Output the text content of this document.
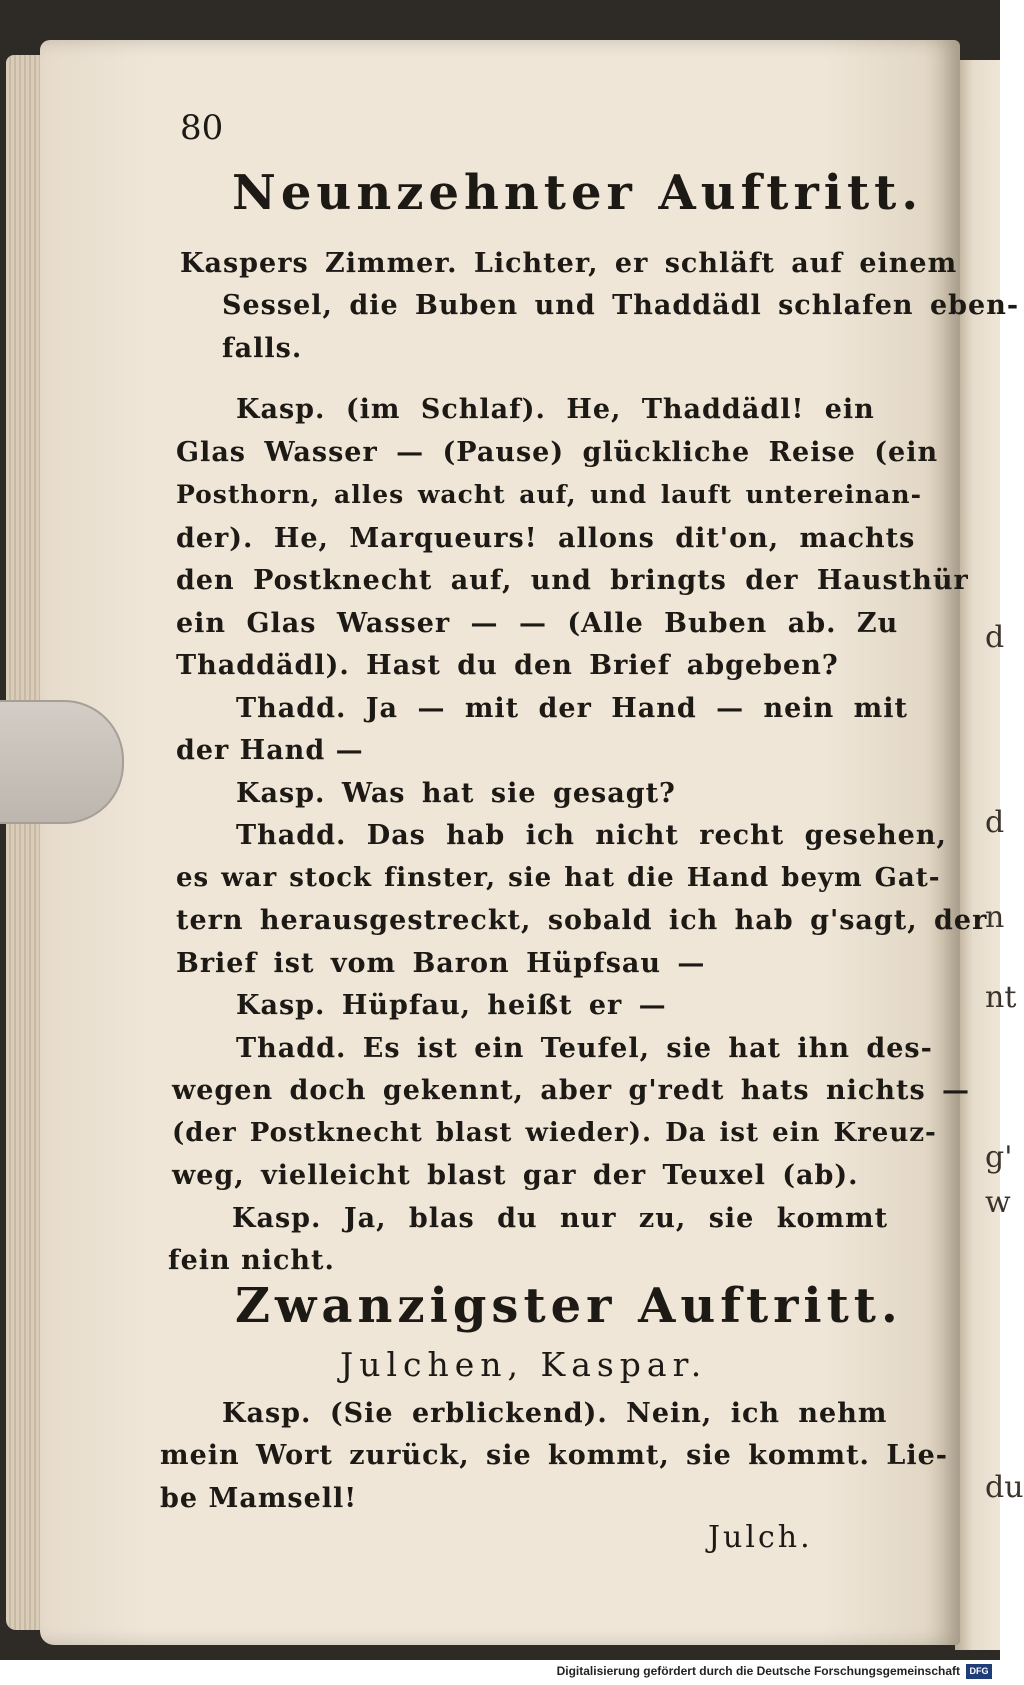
d
d
n
nt
g'
w
du
80
Neunzehnter Auftritt.
Kaspers Zimmer. Lichter, er schläft auf einem
Sessel, die Buben und Thaddädl schlafen eben-
falls.
Kasp. (im Schlaf). He, Thaddädl! ein
Glas Wasser — (Pause) glückliche Reise (ein
Posthorn, alles wacht auf, und lauft untereinan-
der). He, Marqueurs! allons dit'on, machts
den Postknecht auf, und bringts der Hausthür
ein Glas Wasser — — (Alle Buben ab. Zu
Thaddädl). Hast du den Brief abgeben?
Thadd. Ja — mit der Hand — nein mit
der Hand —
Kasp. Was hat sie gesagt?
Thadd. Das hab ich nicht recht gesehen,
es war stock finster, sie hat die Hand beym Gat-
tern herausgestreckt, sobald ich hab g'sagt, der
Brief ist vom Baron Hüpfsau —
Kasp. Hüpfau, heißt er —
Thadd. Es ist ein Teufel, sie hat ihn des-
wegen doch gekennt, aber g'redt hats nichts —
(der Postknecht blast wieder). Da ist ein Kreuz-
weg, vielleicht blast gar der Teuxel (ab).
Kasp. Ja, blas du nur zu, sie kommt
fein nicht.
Zwanzigster Auftritt.
Julchen, Kaspar.
Kasp. (Sie erblickend). Nein, ich nehm
mein Wort zurück, sie kommt, sie kommt. Lie-
be Mamsell!
Julch.
Digitalisierung gefördert durch die Deutsche Forschungsgemeinschaft	DFG
